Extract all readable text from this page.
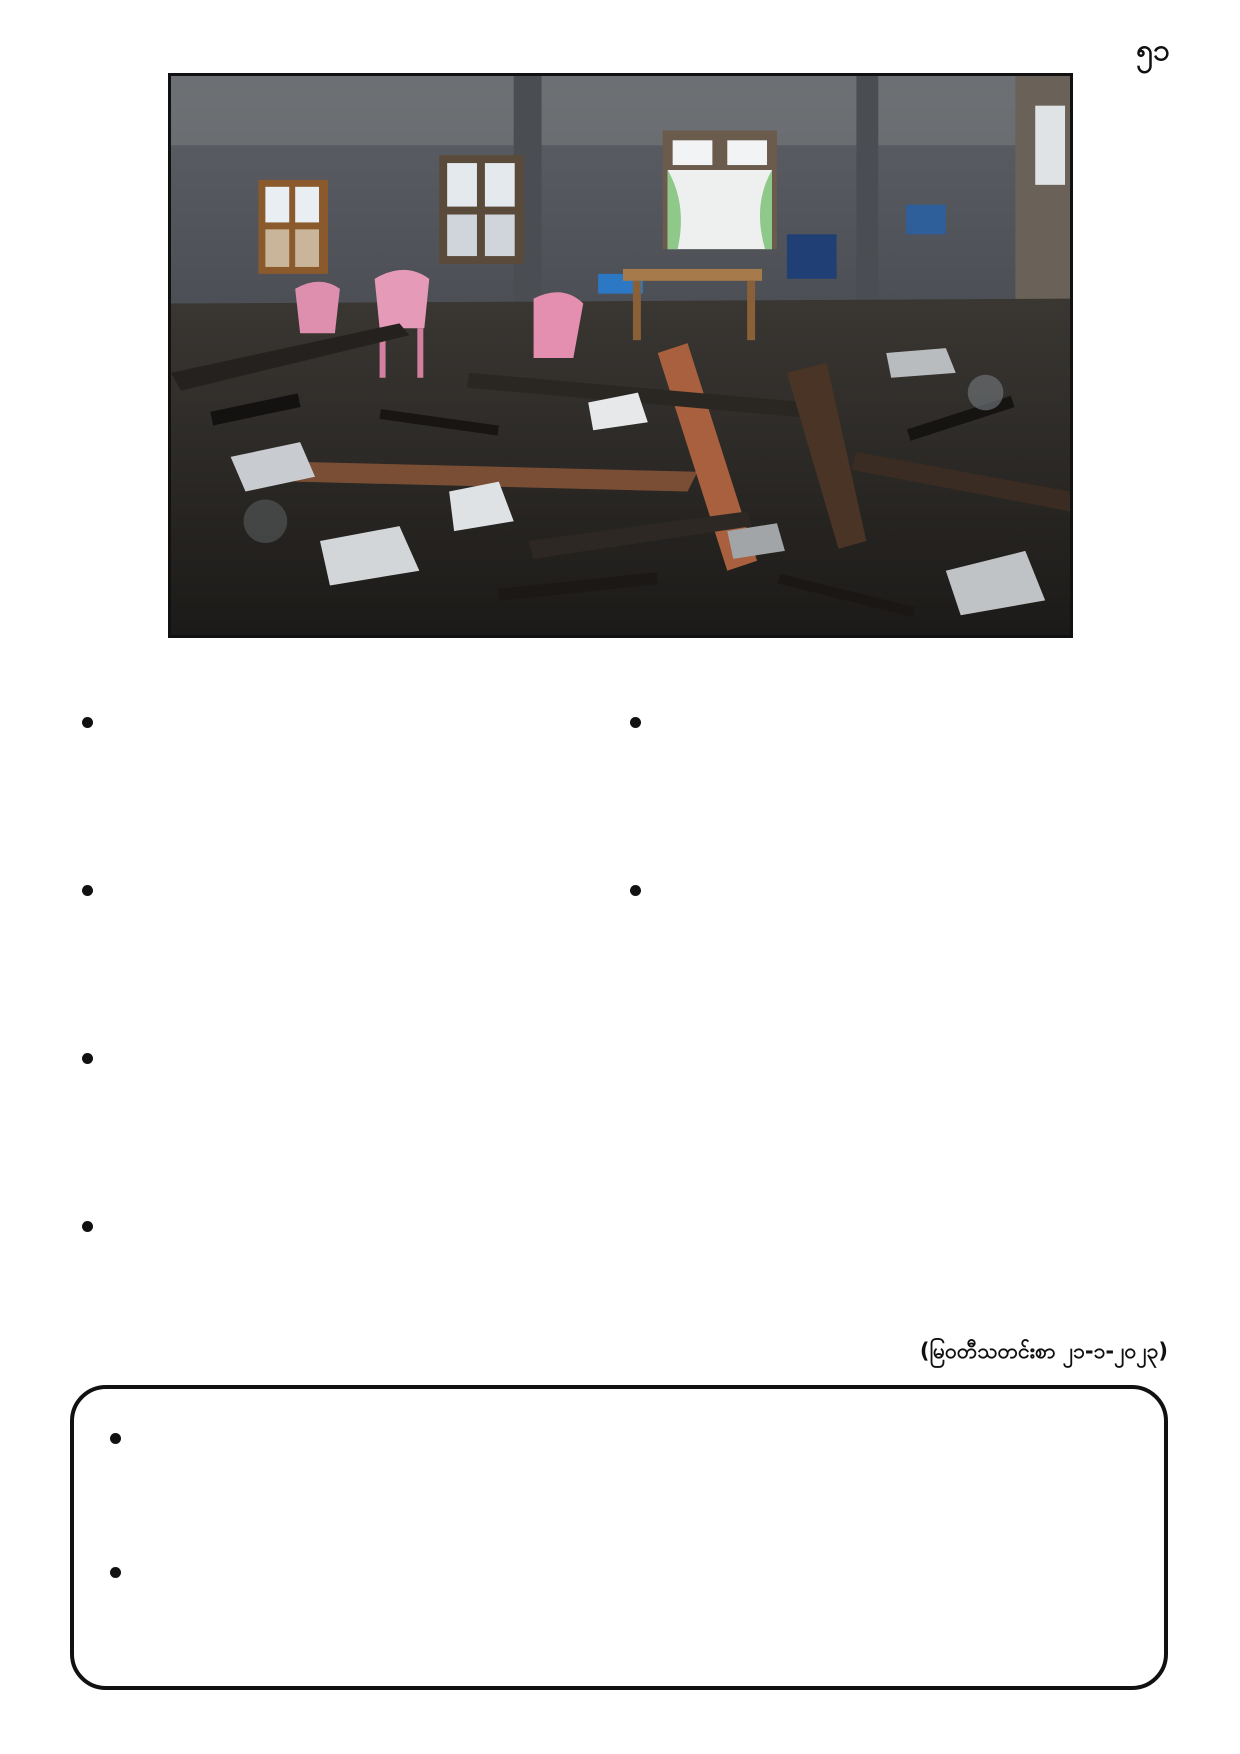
၅၁
(မြဝတီသတင်းစာ ၂၁-၁-၂၀၂၃)
